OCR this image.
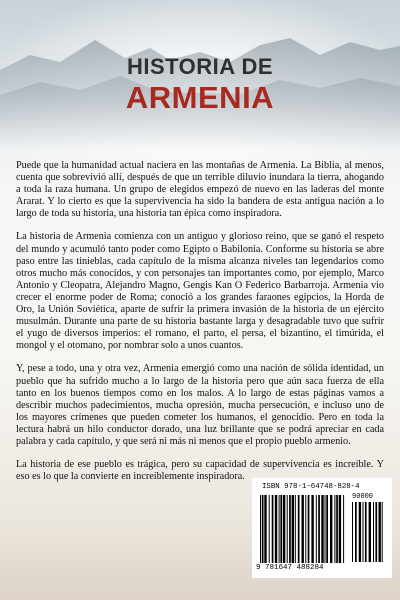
HISTORIA DE
ARMENIA

Puede que la humanidad actual naciera en las montañas de Armenia. La Biblia, al menos, cuenta que sobrevivió allí, después de que un terrible diluvio inundara la tierra, ahogando a toda la raza humana. Un grupo de elegidos empezó de nuevo en las laderas del monte Ararat. Y lo cierto es que la supervivencia ha sido la bandera de esta antigua nación a lo largo de toda su historia, una historia tan épica como inspiradora.

La historia de Armenia comienza con un antiguo y glorioso reino, que se ganó el respeto del mundo y acumuló tanto poder como Egipto o Babilonia. Conforme su historia se abre paso entre las tinieblas, cada capítulo de la misma alcanza niveles tan legendarios como otros mucho más conocidos, y con personajes tan importantes como, por ejemplo, Marco Antonio y Cleopatra, Alejandro Magno, Gengis Kan O Federico Barbarroja. Armenia vio crecer el enorme poder de Roma; conoció a los grandes faraones egipcios, la Horda de Oro, la Unión Soviética, aparte de sufrir la primera invasión de la historia de un ejército musulmán. Durante una parte de su historia bastante larga y desagradable tuvo que sufrir el yugo de diversos imperios: el romano, el parto, el persa, el bizantino, el timúrida, el mongol y el otomano, por nombrar solo a unos cuantos.

Y, pese a todo, una y otra vez, Armenia emergió como una nación de sólida identidad, un pueblo que ha sufrido mucho a lo largo de la historia pero que aún saca fuerza de ella tanto en los buenos tiempos como en los malos. A lo largo de estas páginas vamos a describir muchos padecimientos, mucha opresión, mucha persecución, e incluso uno de los mayores crímenes que pueden cometer los humanos, el genocidio. Pero en toda la lectura habrá un hilo conductor dorado, una luz brillante que se podrá apreciar en cada palabra y cada capítulo, y que será ni más ni menos que el propio pueblo armenio.

La historia de ese pueblo es trágica, pero su capacidad de supervivencia es increíble. Y eso es lo que la convierte en increíblemente inspiradora.

ISBN 978-1-64748-828-4
90000
9 781647 488284
